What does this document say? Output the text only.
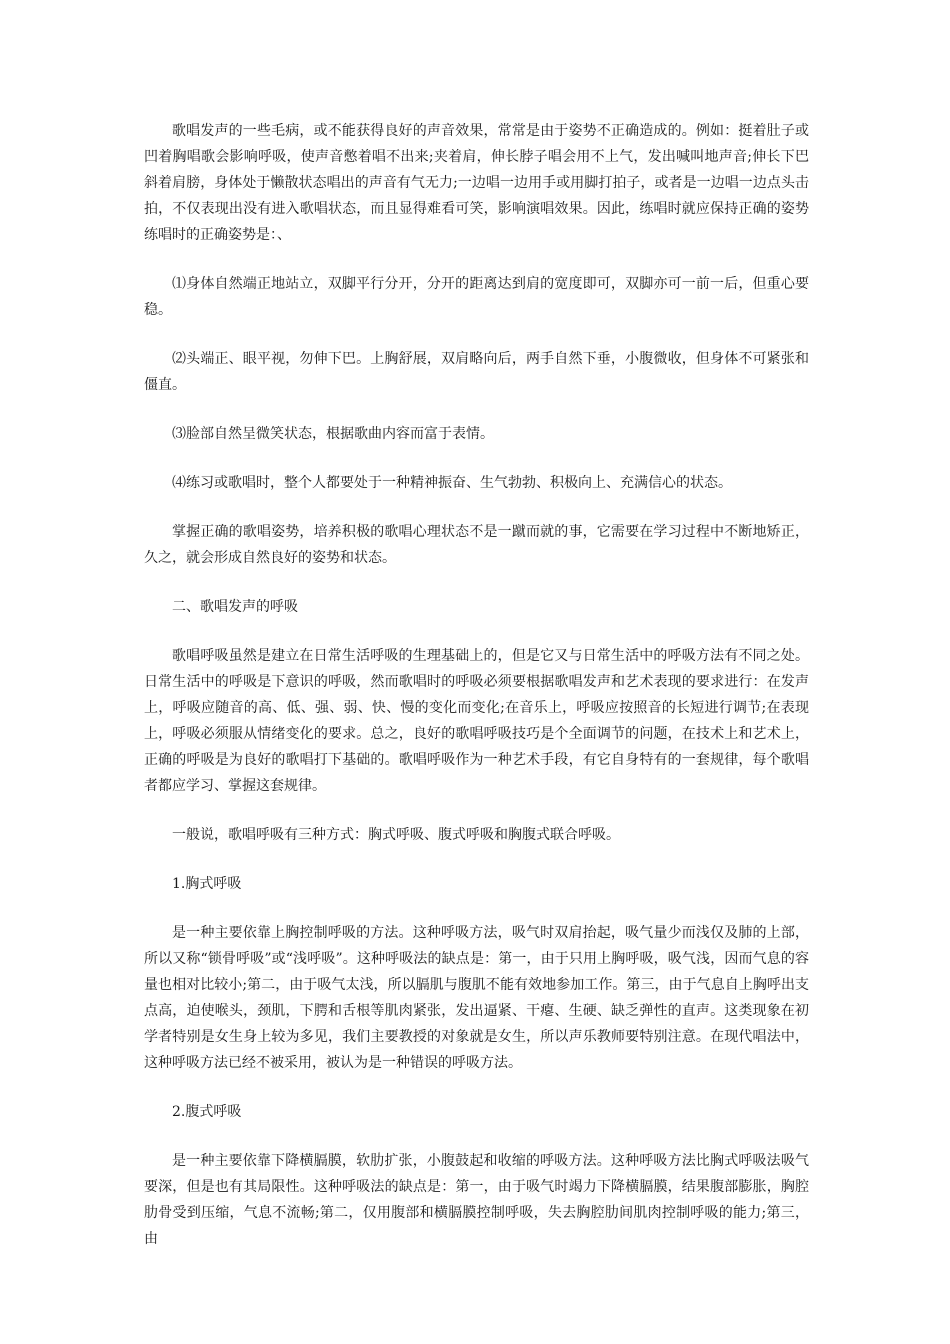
歌唱发声的一些毛病，或不能获得良好的声音效果，常常是由于姿势不正确造成的。例如：挺着肚子或凹着胸唱歌会影响呼吸，使声音憋着唱不出来;夹着肩，伸长脖子唱会用不上气，发出喊叫地声音;伸长下巴斜着肩膀，身体处于懒散状态唱出的声音有气无力;一边唱一边用手或用脚打拍子，或者是一边唱一边点头击拍，不仅表现出没有进入歌唱状态，而且显得难看可笑，影响演唱效果。因此，练唱时就应保持正确的姿势练唱时的正确姿势是：、

⑴身体自然端正地站立，双脚平行分开，分开的距离达到肩的宽度即可，双脚亦可一前一后，但重心要稳。

⑵头端正、眼平视，勿伸下巴。上胸舒展，双肩略向后，两手自然下垂，小腹微收，但身体不可紧张和僵直。

⑶脸部自然呈微笑状态，根据歌曲内容而富于表情。

⑷练习或歌唱时，整个人都要处于一种精神振奋、生气勃勃、积极向上、充满信心的状态。

掌握正确的歌唱姿势，培养积极的歌唱心理状态不是一蹴而就的事，它需要在学习过程中不断地矫正，久之，就会形成自然良好的姿势和状态。

二、歌唱发声的呼吸

歌唱呼吸虽然是建立在日常生活呼吸的生理基础上的，但是它又与日常生活中的呼吸方法有不同之处。日常生活中的呼吸是下意识的呼吸，然而歌唱时的呼吸必须要根据歌唱发声和艺术表现的要求进行：在发声上，呼吸应随音的高、低、强、弱、快、慢的变化而变化;在音乐上，呼吸应按照音的长短进行调节;在表现上，呼吸必须服从情绪变化的要求。总之，良好的歌唱呼吸技巧是个全面调节的问题，在技术上和艺术上，正确的呼吸是为良好的歌唱打下基础的。歌唱呼吸作为一种艺术手段，有它自身特有的一套规律，每个歌唱者都应学习、掌握这套规律。

一般说，歌唱呼吸有三种方式：胸式呼吸、腹式呼吸和胸腹式联合呼吸。

1.胸式呼吸

是一种主要依靠上胸控制呼吸的方法。这种呼吸方法，吸气时双肩抬起，吸气量少而浅仅及肺的上部，所以又称“锁骨呼吸”或“浅呼吸”。这种呼吸法的缺点是：第一，由于只用上胸呼吸，吸气浅，因而气息的容量也相对比较小;第二，由于吸气太浅，所以膈肌与腹肌不能有效地参加工作。第三，由于气息自上胸呼出支点高，迫使喉头，颈肌，下腭和舌根等肌肉紧张，发出逼紧、干瘪、生硬、缺乏弹性的直声。这类现象在初学者特别是女生身上较为多见，我们主要教授的对象就是女生，所以声乐教师要特别注意。在现代唱法中，这种呼吸方法已经不被采用，被认为是一种错误的呼吸方法。

2.腹式呼吸

是一种主要依靠下降横膈膜，软肋扩张，小腹鼓起和收缩的呼吸方法。这种呼吸方法比胸式呼吸法吸气要深，但是也有其局限性。这种呼吸法的缺点是：第一，由于吸气时竭力下降横膈膜，结果腹部膨胀，胸腔肋骨受到压缩，气息不流畅;第二，仅用腹部和横膈膜控制呼吸，失去胸腔肋间肌肉控制呼吸的能力;第三，由
